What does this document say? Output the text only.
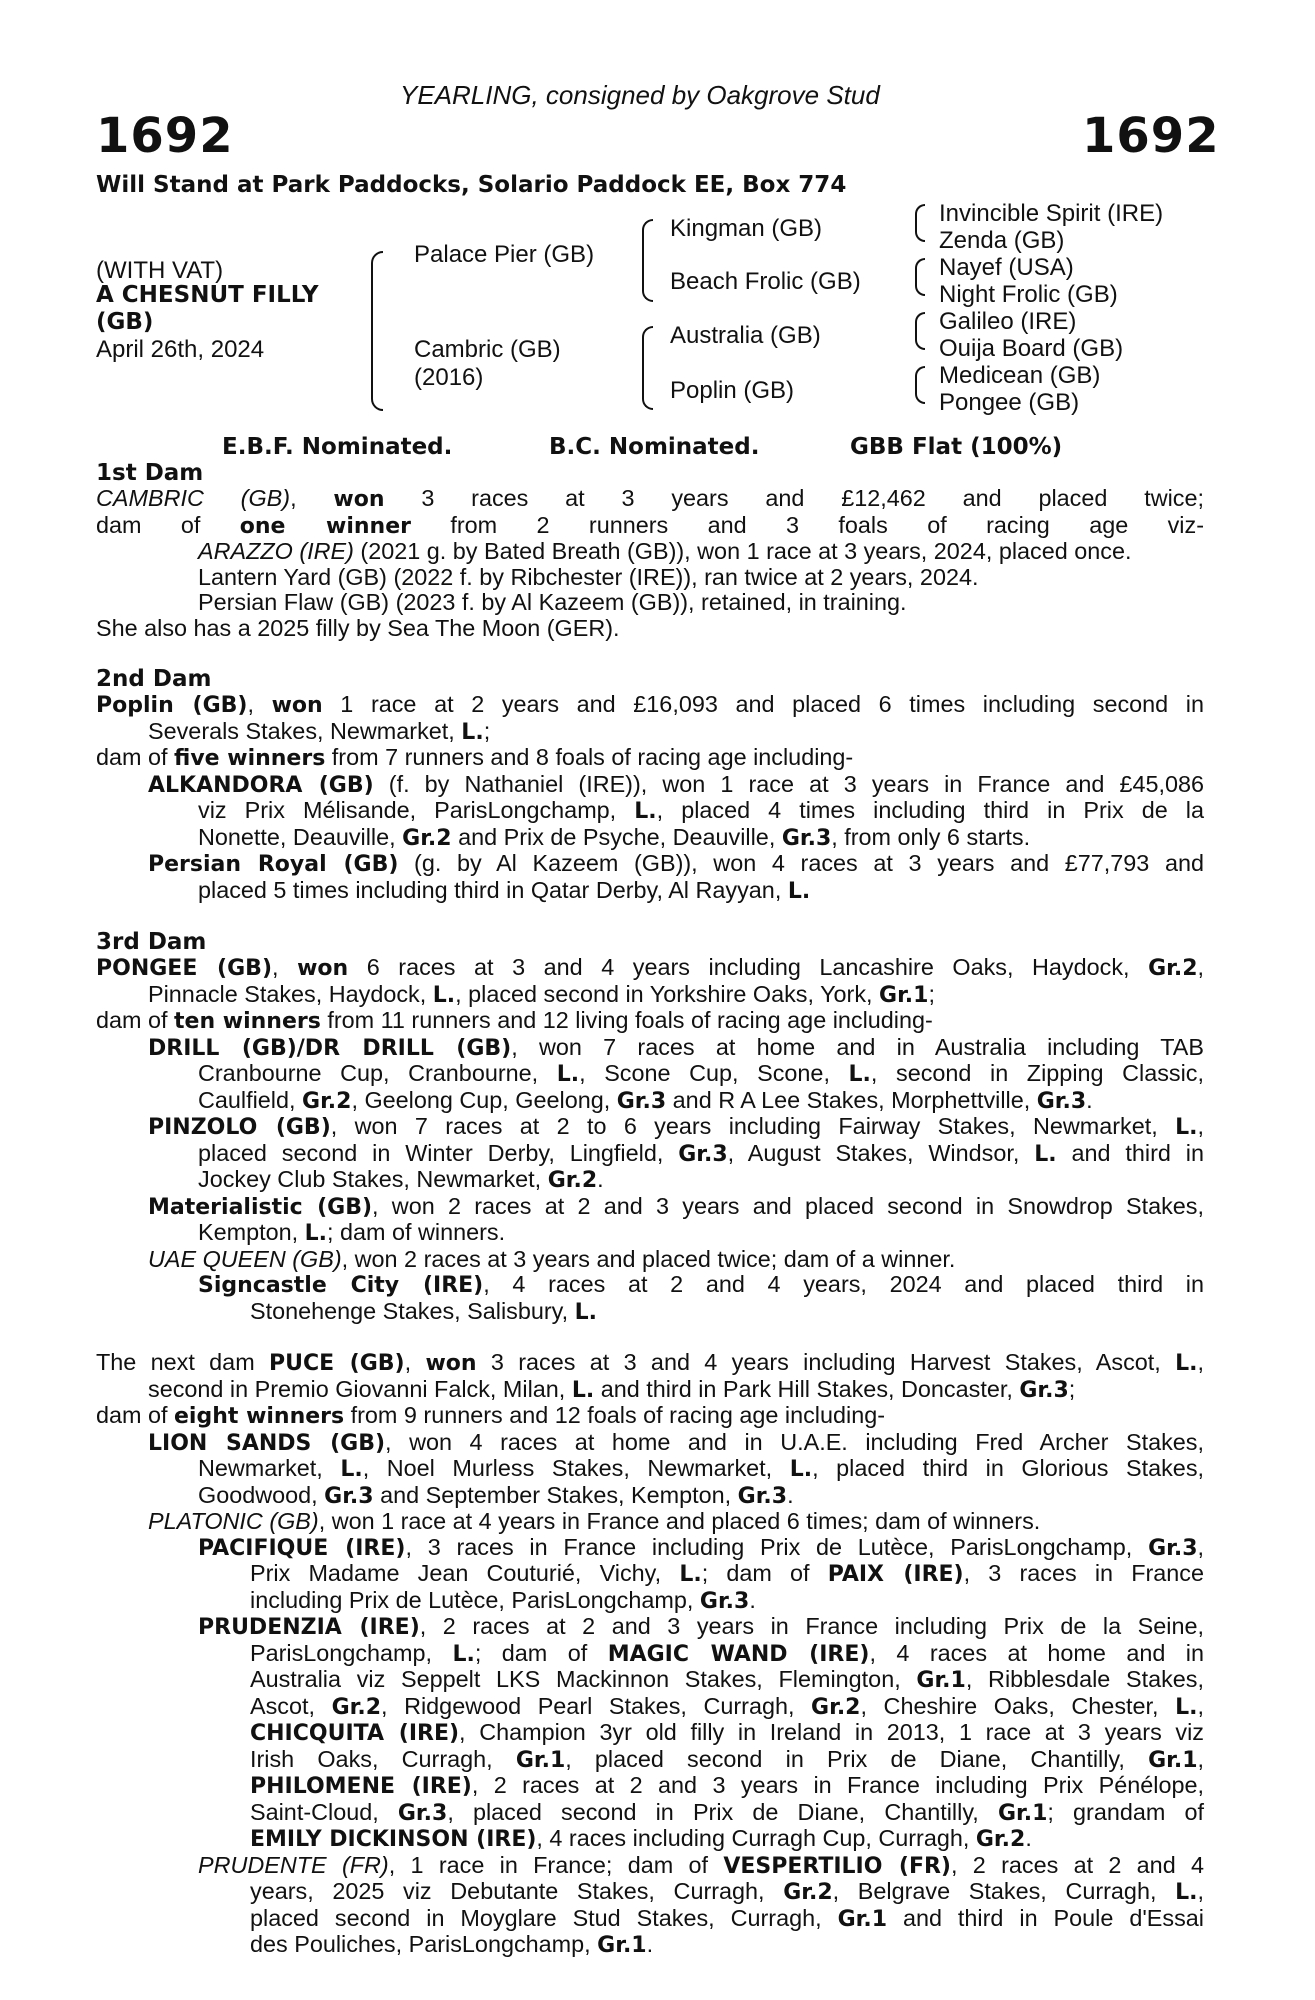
1692	1692
YEARLING, consigned by Oakgrove Stud
Will Stand at Park Paddocks, Solario Paddock EE, Box 774
(WITH VAT)
A CHESNUT FILLY
(GB)
April 26th, 2024
Palace Pier (GB)
Cambric (GB)
(2016)
Kingman (GB)
Beach Frolic (GB)
Australia (GB)
Poplin (GB)
Invincible Spirit (IRE)
Zenda (GB)
Nayef (USA)
Night Frolic (GB)
Galileo (IRE)
Ouija Board (GB)
Medicean (GB)
Pongee (GB)
E.B.F. Nominated.	B.C. Nominated.	GBB Flat (100%)
1st Dam
CAMBRIC (GB), won 3 races at 3 years and £12,462 and placed twice;
dam of one winner from 2 runners and 3 foals of racing age viz-
ARAZZO (IRE) (2021 g. by Bated Breath (GB)), won 1 race at 3 years, 2024, placed once.
Lantern Yard (GB) (2022 f. by Ribchester (IRE)), ran twice at 2 years, 2024.
Persian Flaw (GB) (2023 f. by Al Kazeem (GB)), retained, in training.
She also has a 2025 filly by Sea The Moon (GER).
2nd Dam
Poplin (GB), won 1 race at 2 years and £16,093 and placed 6 times including second in
Severals Stakes, Newmarket, L.;
dam of five winners from 7 runners and 8 foals of racing age including-
ALKANDORA (GB) (f. by Nathaniel (IRE)), won 1 race at 3 years in France and £45,086
viz Prix Mélisande, ParisLongchamp, L., placed 4 times including third in Prix de la
Nonette, Deauville, Gr.2 and Prix de Psyche, Deauville, Gr.3, from only 6 starts.
Persian Royal (GB) (g. by Al Kazeem (GB)), won 4 races at 3 years and £77,793 and
placed 5 times including third in Qatar Derby, Al Rayyan, L.
3rd Dam
PONGEE (GB), won 6 races at 3 and 4 years including Lancashire Oaks, Haydock, Gr.2,
Pinnacle Stakes, Haydock, L., placed second in Yorkshire Oaks, York, Gr.1;
dam of ten winners from 11 runners and 12 living foals of racing age including-
DRILL (GB)/DR DRILL (GB), won 7 races at home and in Australia including TAB
Cranbourne Cup, Cranbourne, L., Scone Cup, Scone, L., second in Zipping Classic,
Caulfield, Gr.2, Geelong Cup, Geelong, Gr.3 and R A Lee Stakes, Morphettville, Gr.3.
PINZOLO (GB), won 7 races at 2 to 6 years including Fairway Stakes, Newmarket, L.,
placed second in Winter Derby, Lingfield, Gr.3, August Stakes, Windsor, L. and third in
Jockey Club Stakes, Newmarket, Gr.2.
Materialistic (GB), won 2 races at 2 and 3 years and placed second in Snowdrop Stakes,
Kempton, L.; dam of winners.
UAE QUEEN (GB), won 2 races at 3 years and placed twice; dam of a winner.
Signcastle City (IRE), 4 races at 2 and 4 years, 2024 and placed third in
Stonehenge Stakes, Salisbury, L.
The next dam PUCE (GB), won 3 races at 3 and 4 years including Harvest Stakes, Ascot, L.,
second in Premio Giovanni Falck, Milan, L. and third in Park Hill Stakes, Doncaster, Gr.3;
dam of eight winners from 9 runners and 12 foals of racing age including-
LION SANDS (GB), won 4 races at home and in U.A.E. including Fred Archer Stakes,
Newmarket, L., Noel Murless Stakes, Newmarket, L., placed third in Glorious Stakes,
Goodwood, Gr.3 and September Stakes, Kempton, Gr.3.
PLATONIC (GB), won 1 race at 4 years in France and placed 6 times; dam of winners.
PACIFIQUE (IRE), 3 races in France including Prix de Lutèce, ParisLongchamp, Gr.3,
Prix Madame Jean Couturié, Vichy, L.; dam of PAIX (IRE), 3 races in France
including Prix de Lutèce, ParisLongchamp, Gr.3.
PRUDENZIA (IRE), 2 races at 2 and 3 years in France including Prix de la Seine,
ParisLongchamp, L.; dam of MAGIC WAND (IRE), 4 races at home and in
Australia viz Seppelt LKS Mackinnon Stakes, Flemington, Gr.1, Ribblesdale Stakes,
Ascot, Gr.2, Ridgewood Pearl Stakes, Curragh, Gr.2, Cheshire Oaks, Chester, L.,
CHICQUITA (IRE), Champion 3yr old filly in Ireland in 2013, 1 race at 3 years viz
Irish Oaks, Curragh, Gr.1, placed second in Prix de Diane, Chantilly, Gr.1,
PHILOMENE (IRE), 2 races at 2 and 3 years in France including Prix Pénélope,
Saint-Cloud, Gr.3, placed second in Prix de Diane, Chantilly, Gr.1; grandam of
EMILY DICKINSON (IRE), 4 races including Curragh Cup, Curragh, Gr.2.
PRUDENTE (FR), 1 race in France; dam of VESPERTILIO (FR), 2 races at 2 and 4
years, 2025 viz Debutante Stakes, Curragh, Gr.2, Belgrave Stakes, Curragh, L.,
placed second in Moyglare Stud Stakes, Curragh, Gr.1 and third in Poule d'Essai
des Pouliches, ParisLongchamp, Gr.1.
